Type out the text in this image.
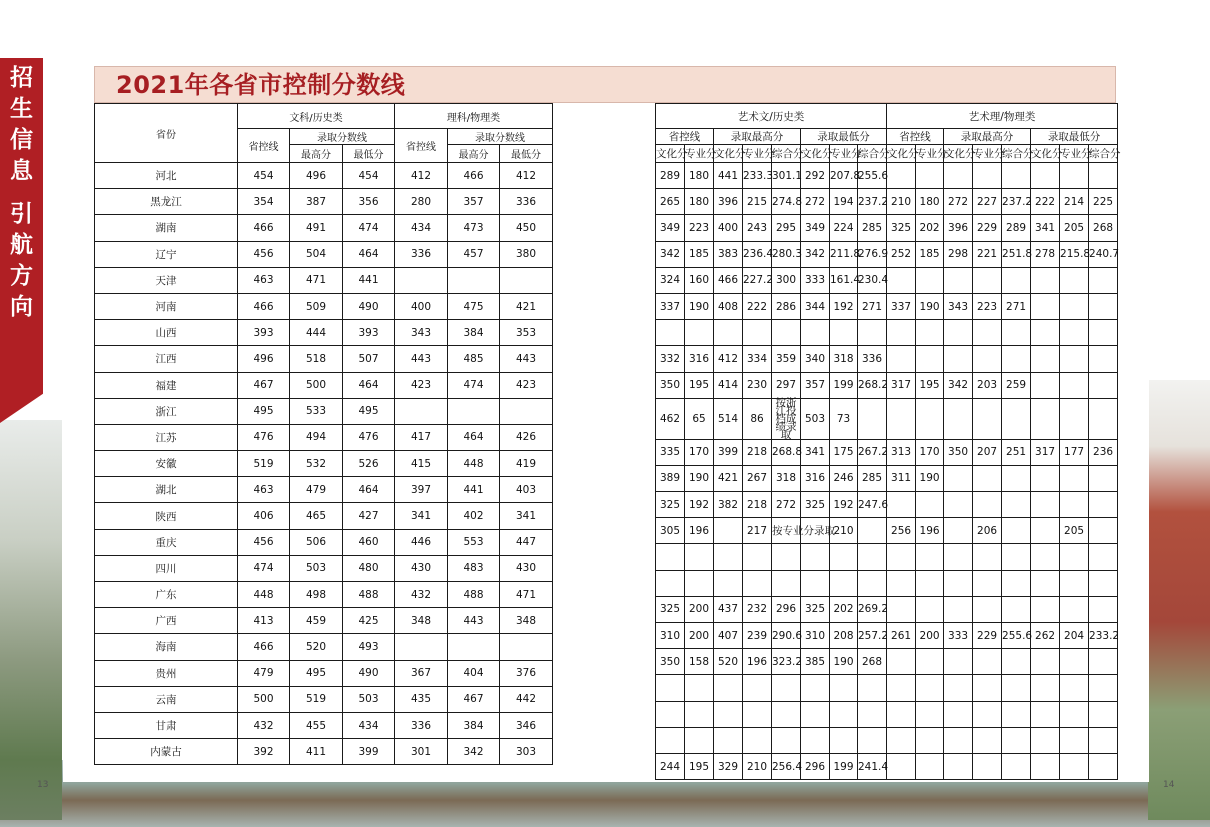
招
生
信
息
引
航
方
向
2021年各省市控制分数线
13	14
省份	文科/历史类			理科/物理类		
	省控线	录取分数线		省控线	录取分数线	
		最高分	最低分		最高分	最低分
河北	454	496	454	412	466	412
黑龙江	354	387	356	280	357	336
湖南	466	491	474	434	473	450
辽宁	456	504	464	336	457	380
天津	463	471	441			
河南	466	509	490	400	475	421
山西	393	444	393	343	384	353
江西	496	518	507	443	485	443
福建	467	500	464	423	474	423
浙江	495	533	495			
江苏	476	494	476	417	464	426
安徽	519	532	526	415	448	419
湖北	463	479	464	397	441	403
陕西	406	465	427	341	402	341
重庆	456	506	460	446	553	447
四川	474	503	480	430	483	430
广东	448	498	488	432	488	471
广西	413	459	425	348	443	348
海南	466	520	493			
贵州	479	495	490	367	404	376
云南	500	519	503	435	467	442
甘肃	432	455	434	336	384	346
内蒙古	392	411	399	301	342	303
艺术文/历史类								艺术理/物理类							
省控线		录取最高分			录取最低分			省控线		录取最高分			录取最低分		
文化分	专业分	文化分	专业分	综合分	文化分	专业分	综合分	文化分	专业分	文化分	专业分	综合分	文化分	专业分	综合分
289	180	441	233.3	301.1	292	207.8	255.6								
265	180	396	215	274.8	272	194	237.2	210	180	272	227	237.2	222	214	225
349	223	400	243	295	349	224	285	325	202	396	229	289	341	205	268
342	185	383	236.4	280.3	342	211.8	276.9	252	185	298	221	251.8	278	215.8	240.7
324	160	466	227.2	300	333	161.4	230.4								
337	190	408	222	286	344	192	271	337	190	343	223	271			

332	316	412	334	359	340	318	336								
350	195	414	230	297	357	199	268.2	317	195	342	203	259			
462	65	514	86	按浙江投档成绩录取	503	73									
335	170	399	218	268.8	341	175	267.2	313	170	350	207	251	317	177	236
389	190	421	267	318	316	246	285	311	190						
325	192	382	218	272	325	192	247.6								
305	196		217	按专业分录取		210		256	196		206			205	

325	200	437	232	296	325	202	269.2								
310	200	407	239	290.6	310	208	257.2	261	200	333	229	255.6	262	204	233.2
350	158	520	196	323.2	385	190	268								

244	195	329	210	256.4	296	199	241.4								
